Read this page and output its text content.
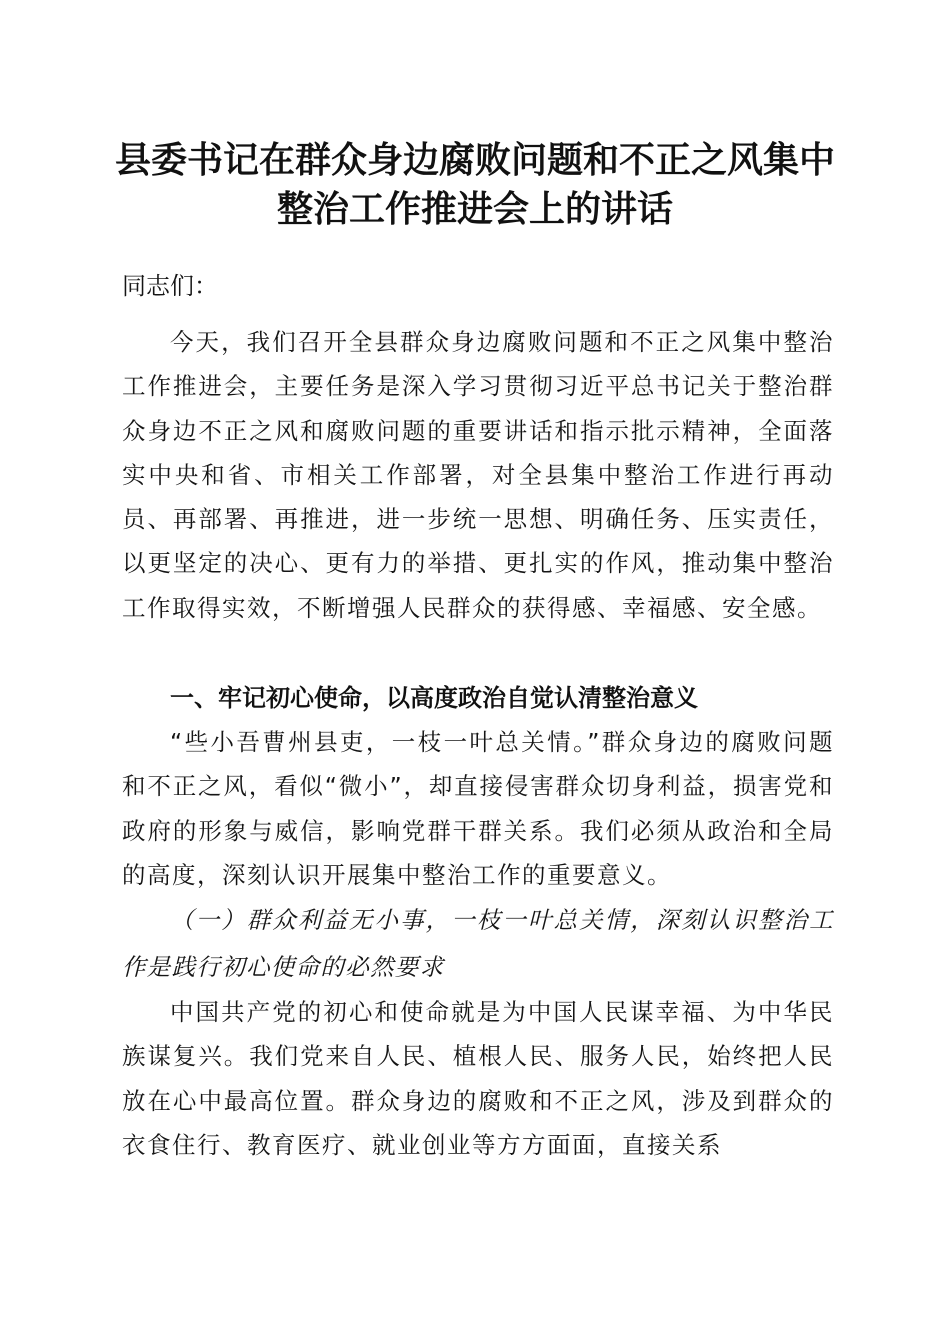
县委书记在群众身边腐败问题和不正之风集中
整治工作推进会上的讲话
同志们：

今天，我们召开全县群众身边腐败问题和不正之风集中整治工作推进会，主要任务是深入学习贯彻习近平总书记关于整治群众身边不正之风和腐败问题的重要讲话和指示批示精神，全面落实中央和省、市相关工作部署，对全县集中整治工作进行再动员、再部署、再推进，进一步统一思想、明确任务、压实责任，以更坚定的决心、更有力的举措、更扎实的作风，推动集中整治工作取得实效，不断增强人民群众的获得感、幸福感、安全感。

一、牢记初心使命，以高度政治自觉认清整治意义

“些小吾曹州县吏，一枝一叶总关情。”群众身边的腐败问题和不正之风，看似“微小”，却直接侵害群众切身利益，损害党和政府的形象与威信，影响党群干群关系。我们必须从政治和全局的高度，深刻认识开展集中整治工作的重要意义。

（一）群众利益无小事，一枝一叶总关情，深刻认识整治工作是践行初心使命的必然要求

中国共产党的初心和使命就是为中国人民谋幸福、为中华民族谋复兴。我们党来自人民、植根人民、服务人民，始终把人民放在心中最高位置。群众身边的腐败和不正之风，涉及到群众的衣食住行、教育医疗、就业创业等方方面面，直接关系
